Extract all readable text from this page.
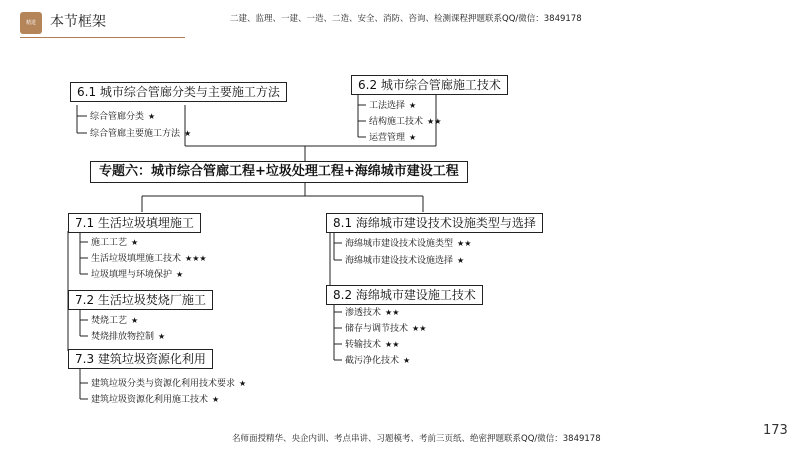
精进	本节框架	二建、监理、一建、一造、二造、安全、消防、咨询、检测课程押题联系QQ/微信：3849178
6.1 城市综合管廊分类与主要施工方法
综合管廊分类 ★
综合管廊主要施工方法 ★
6.2 城市综合管廊施工技术
工法选择 ★
结构施工技术 ★★
运营管理 ★
专题六：城市综合管廊工程+垃圾处理工程+海绵城市建设工程
7.1 生活垃圾填埋施工
施工工艺 ★
生活垃圾填埋施工技术 ★★★
垃圾填埋与环境保护 ★
7.2 生活垃圾焚烧厂施工
焚烧工艺 ★
焚烧排放物控制 ★
7.3 建筑垃圾资源化利用
建筑垃圾分类与资源化利用技术要求 ★
建筑垃圾资源化利用施工技术 ★
8.1 海绵城市建设技术设施类型与选择
海绵城市建设技术设施类型 ★★
海绵城市建设技术设施选择 ★
8.2 海绵城市建设施工技术
渗透技术 ★★
储存与调节技术 ★★
转输技术 ★★
截污净化技术 ★
名师面授精华、央企内训、考点串讲、习题模考、考前三页纸、绝密押题联系QQ/微信：3849178
173
